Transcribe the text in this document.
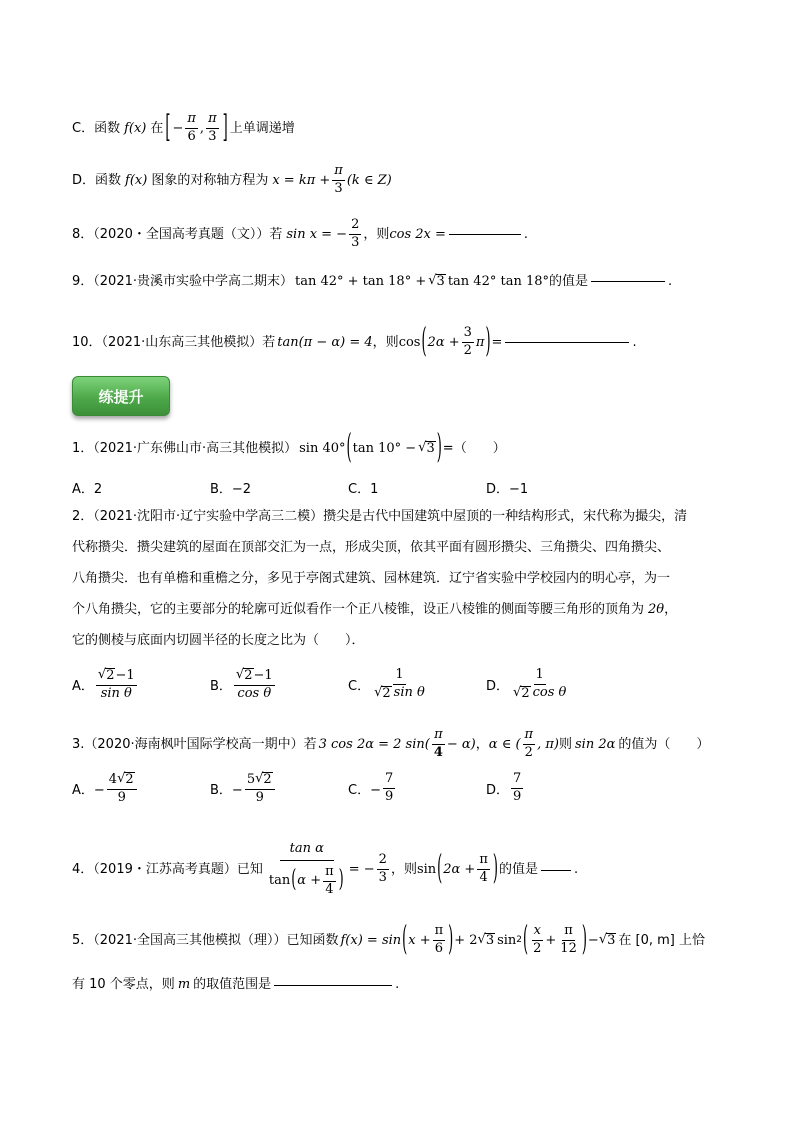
C．函数 f(x) 在 [ − $\frac{\pi}{6}$ , $\frac{\pi}{3}$ ] 上单调递增
D．函数 f(x) 图象的对称轴方程为 $x = k\pi + \frac{\pi}{3} (k$ ∈ Z)
8．（2020・全国高考真题（文））若 sin x = − $\frac{2}{3}$ ，则 cos 2x =	.
9．（2021·贵溪市实验中学高二期末） tan 42° + tan 18° + √ 3 tan 42° tan 18° 的值是	.
10．（2021·山东高三其他模拟）若 tan(π − α) = 4 ，则 cos ( $2\alpha + \frac{3}{2}$ π ) =	.
练提升
1．（2021·广东佛山市·高三其他模拟） sin 40° ( tan 10° − √ 3 ) =（　　）
A．2	B．−2	C．1	D．−1
2．（2021·沈阳市·辽宁实验中学高三二模）攒尖是古代中国建筑中屋顶的一种结构形式，宋代称为撮尖，清
代称攒尖．攒尖建筑的屋面在顶部交汇为一点，形成尖顶，依其平面有圆形攒尖、三角攒尖、四角攒尖、
八角攒尖．也有单檐和重檐之分，多见于亭阁式建筑、园林建筑．辽宁省实验中学校园内的明心亭，为一
个八角攒尖，它的主要部分的轮廓可近似看作一个正八棱锥，设正八棱锥的侧面等腰三角形的顶角为 2θ ，
它的侧棱与底面内切圆半径的长度之比为（　　）．
A． $\frac{√ 2 -1}{\text{sin θ}}$	B． $\frac{√ 2 -1}{\text{cos θ}}$	C． $\frac{1}{\text{√ 2 sin θ}}$	D． $\frac{1}{\text{√ 2 cos θ}}$
3.（2020·海南枫叶国际学校高一期中）若 3 cos 2α = 2 $\sin( \frac{\pi}{4} - \alpha)$ ， α ∈ ( $\frac{\pi}{2}$ , π) 则 sin 2α 的值为（　　）
A．− $\frac{4 √ 2}{9}$	B．− $\frac{5 √ 2}{9}$	C．− $\frac{7}{9}$	D． $\frac{7}{9}$
4．（2019・江苏高考真题）已知 $\frac{\text{tan α}}{\tan ( \alpha + \frac{\pi}{4} )}$ = − $\frac{2}{3}$ ，则 sin ( $2\alpha + \frac{\pi}{4}$ ) 的值是	.
5．（2021·全国高三其他模拟（理））已知函数 f(x) = sin ( $x + \frac{\pi}{6}$ ) + 2 √ 3 sin 2 ( $\frac{x}{2} + \frac{\pi}{12}$ ) − √ 3 在 [0, m] 上恰
有 10 个零点，则 m 的取值范围是	.
